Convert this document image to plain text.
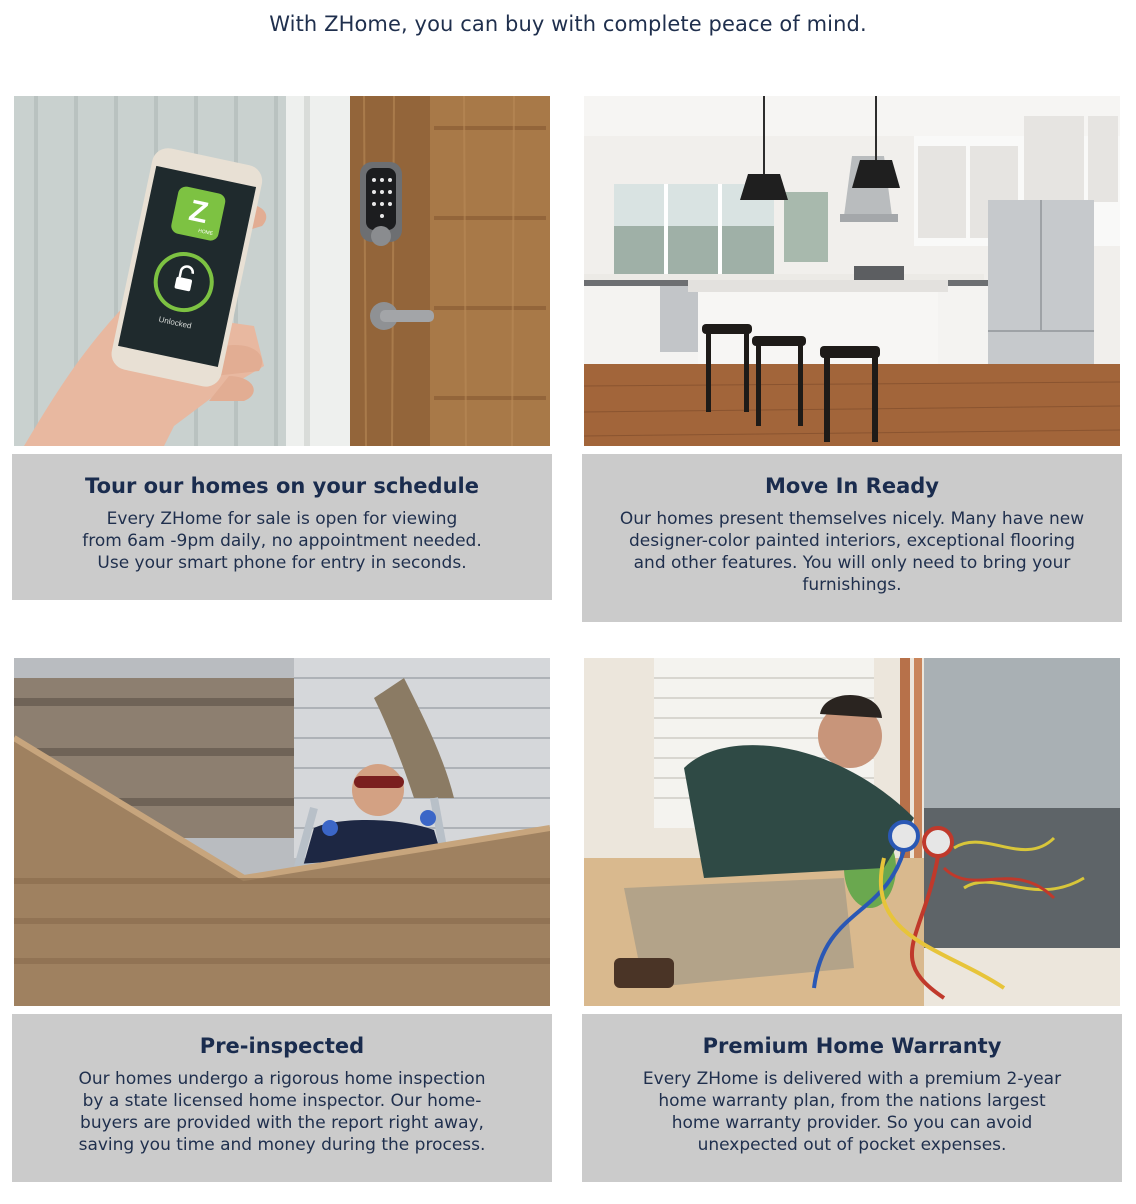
With ZHome, you can buy with complete peace of mind.
Z
HOME
Unlocked
Tour our homes on your schedule

Every ZHome for sale is open for viewing
from 6am -9pm daily, no appointment needed.
Use your smart phone for entry in seconds.

Move In Ready

Our homes present themselves nicely. Many have new
designer-color painted interiors, exceptional flooring
and other features. You will only need to bring your
furnishings.

Pre-inspected

Our homes undergo a rigorous home inspection
by a state licensed home inspector. Our home-
buyers are provided with the report right away,
saving you time and money during the process.

Premium Home Warranty

Every ZHome is delivered with a premium 2-year
home warranty plan, from the nations largest
home warranty provider. So you can avoid
unexpected out of pocket expenses.
